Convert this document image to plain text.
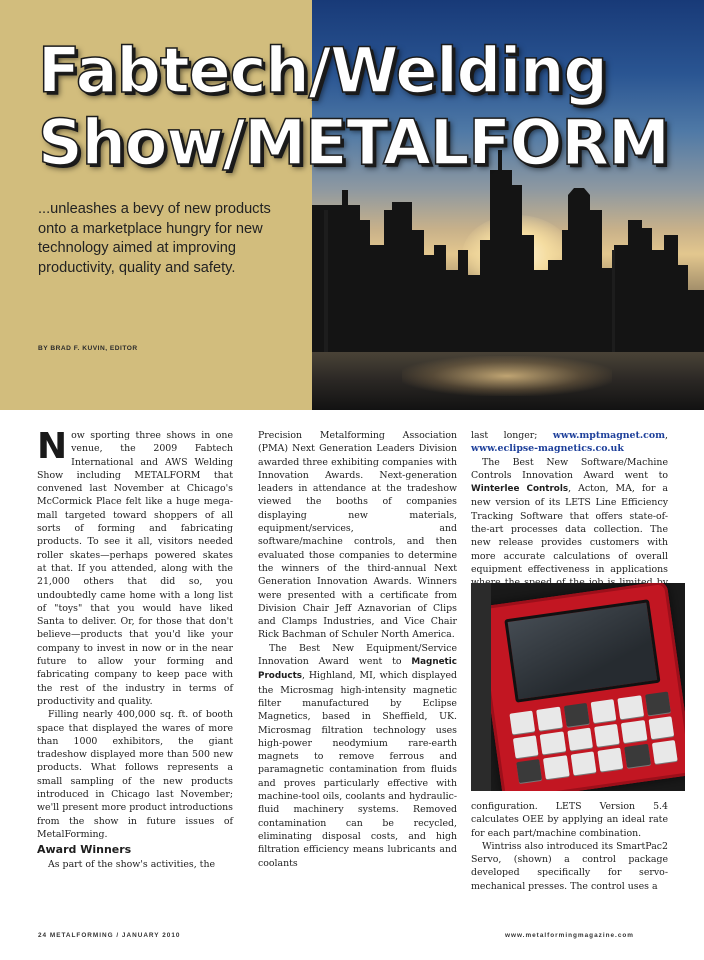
Fabtech/Welding
Show/METALFORM

...unleashes a bevy of new products onto a marketplace hungry for new technology aimed at improving productivity, quality and safety.

BY BRAD F. KUVIN, EDITOR

Now sporting three shows in one venue, the 2009 Fabtech International and AWS Welding Show including METALFORM that convened last November at Chicago's McCormick Place felt like a huge mega-mall targeted toward shoppers of all sorts of forming and fabricating products. To see it all, visitors needed roller skates—perhaps powered skates at that. If you attended, along with the 21,000 others that did so, you undoubtedly came home with a long list of "toys" that you would have liked Santa to deliver. Or, for those that don't believe—products that you'd like your company to invest in now or in the near future to allow your forming and fabricating company to keep pace with the rest of the industry in terms of productivity and quality.

Filling nearly 400,000 sq. ft. of booth space that displayed the wares of more than 1000 exhibitors, the giant tradeshow displayed more than 500 new products. What follows represents a small sampling of the new products introduced in Chicago last November; we'll present more product introductions from the show in future issues of MetalForming.

Award Winners

As part of the show's activities, the

Precision Metalforming Association (PMA) Next Generation Leaders Division awarded three exhibiting companies with Innovation Awards. Next-generation leaders in attendance at the tradeshow viewed the booths of companies displaying new materials, equipment/services, and software/machine controls, and then evaluated those companies to determine the winners of the third-annual Next Generation Innovation Awards. Winners were presented with a certificate from Division Chair Jeff Aznavorian of Clips and Clamps Industries, and Vice Chair Rick Bachman of Schuler North America.

The Best New Equipment/Service Innovation Award went to Magnetic Products, Highland, MI, which displayed the Microsmag high-intensity magnetic filter manufactured by Eclipse Magnetics, based in Sheffield, UK. Microsmag filtration technology uses high-power neodymium rare-earth magnets to remove ferrous and paramagnetic contamination from fluids and proves particularly effective with machine-tool oils, coolants and hydraulic-fluid machinery systems. Removed contamination can be recycled, eliminating disposal costs, and high filtration efficiency means lubricants and coolants

last longer; www.mptmagnet.com, www.eclipse-magnetics.co.uk

The Best New Software/Machine Controls Innovation Award went to Winterlee Controls, Acton, MA, for a new version of its LETS Line Efficiency Tracking Software that offers state-of-the-art processes data collection. The new release provides customers with more accurate calculations of overall equipment effectiveness in applications

configuration. LETS Version 5.4 calculates OEE by applying an ideal rate for each part/machine combination.

Wintriss also introduced its SmartPac2 Servo, (shown) a control package developed specifically for servo-mechanical presses. The control uses a

24 METALFORMING / JANUARY 2010	www.metalformingmagazine.com
